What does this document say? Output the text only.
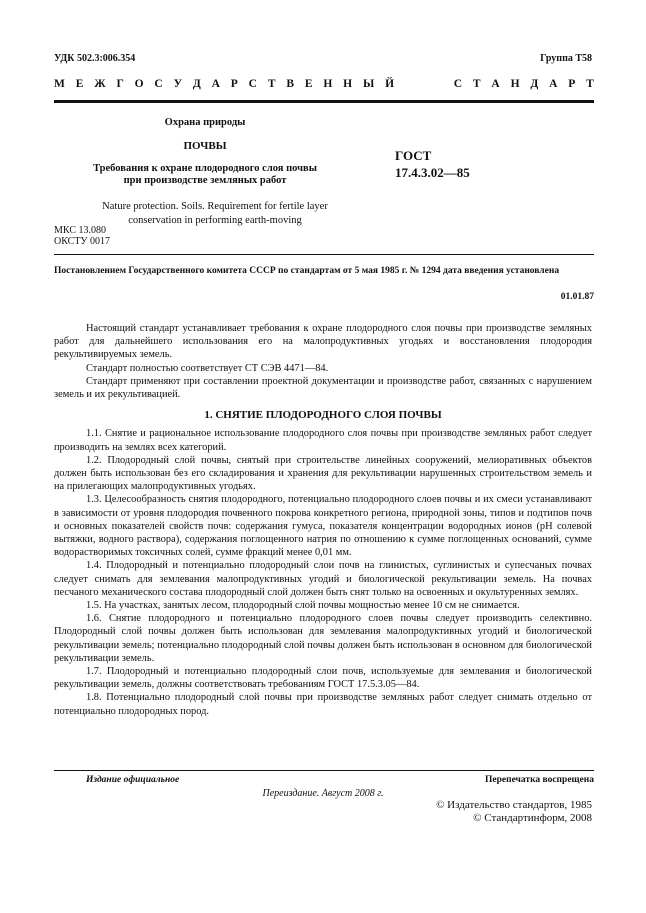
УДК 502.3:006.354	Группа Т58
М Е Ж Г О С У Д А Р С Т В Е Н Н Ы Й	С Т А Н Д А Р Т
Охрана природы
ПОЧВЫ
Требования к охране плодородного слоя почвы
при производстве земляных работ
ГОСТ
17.4.3.02—85
Nature protection. Soils. Requirement for fertile layer
conservation in performing earth-moving
МКС 13.080
ОКСТУ 0017
Постановлением Государственного комитета СССР по стандартам от 5 мая 1985 г. № 1294 дата введения установлена
01.01.87

Настоящий стандарт устанавливает требования к охране плодородного слоя почвы при производстве земляных работ для дальнейшего использования его на малопродуктивных угодьях и восстановления плодородия рекультивируемых земель.

Стандарт полностью соответствует СТ СЭВ 4471—84.

Стандарт применяют при составлении проектной документации и производстве работ, связанных с нарушением земель и их рекультивацией.

1. СНЯТИЕ ПЛОДОРОДНОГО СЛОЯ ПОЧВЫ

1.1. Снятие и рациональное использование плодородного слоя почвы при производстве земляных работ следует производить на землях всех категорий.

1.2. Плодородный слой почвы, снятый при строительстве линейных сооружений, мелиоративных объектов должен быть использован без его складирования и хранения для рекультивации нарушенных строительством земель и на прилегающих малопродуктивных угодьях.

1.3. Целесообразность снятия плодородного, потенциально плодородного слоев почвы и их смеси устанавливают в зависимости от уровня плодородия почвенного покрова конкретного региона, природной зоны, типов и подтипов почв и основных показателей свойств почв: содержания гумуса, показателя концентрации водородных ионов (рН солевой вытяжки, водного раствора), содержания поглощенного натрия по отношению к сумме поглощенных оснований, сумме водорастворимых токсичных солей, сумме фракций менее 0,01 мм.

1.4. Плодородный и потенциально плодородный слои почв на глинистых, суглинистых и супесчаных почвах следует снимать для землевания малопродуктивных угодий и биологической рекультивации земель. На почвах песчаного механического состава плодородный слой должен быть снят только на освоенных и окультуренных землях.

1.5. На участках, занятых лесом, плодородный слой почвы мощностью менее 10 см не снимается.

1.6. Снятие плодородного и потенциально плодородного слоев почвы следует производить селективно. Плодородный слой почвы должен быть использован для землевания малопродуктивных угодий и биологической рекультивации земель; потенциально плодородный слой почвы должен быть использован в основном для биологической рекультивации земель.

1.7. Плодородный и потенциально плодородный слои почв, используемые для землевания и биологической рекультивации земель, должны соответствовать требованиям ГОСТ 17.5.3.05—84.

1.8. Потенциально плодородный слой почвы при производстве земляных работ следует снимать отдельно от потенциально плодородных пород.

Издание официальное	Перепечатка воспрещена
Переиздание. Август 2008 г.
© Издательство стандартов, 1985
© Стандартинформ, 2008
